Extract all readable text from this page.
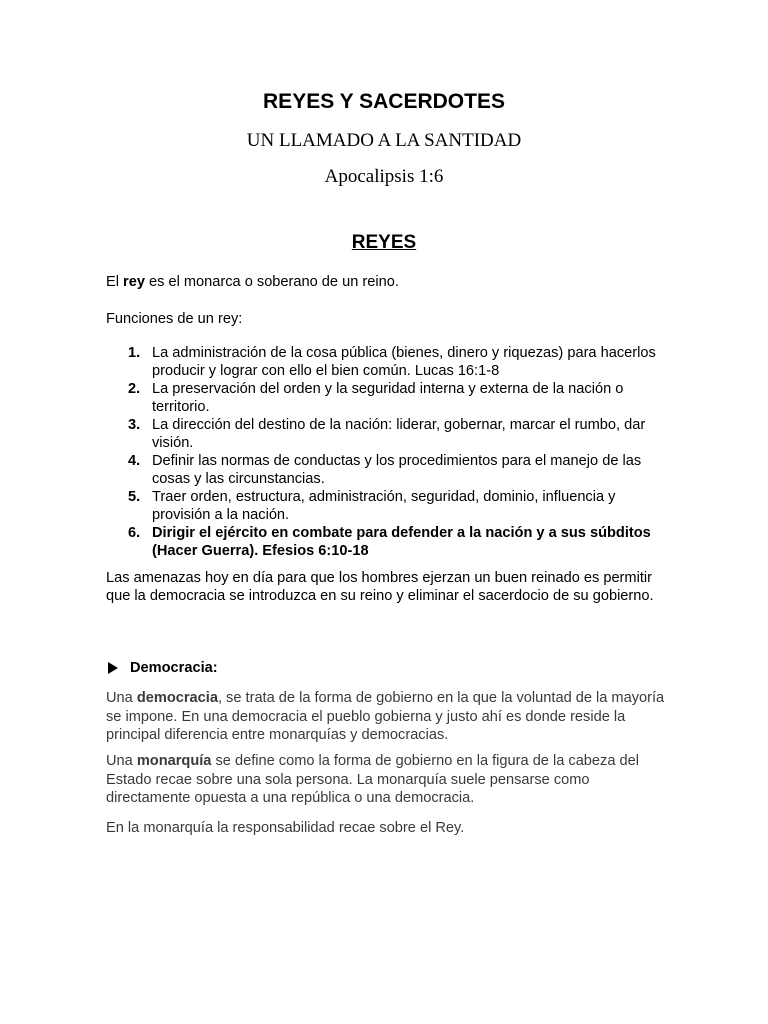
REYES Y SACERDOTES
UN LLAMADO A LA SANTIDAD
Apocalipsis 1:6
REYES

El rey es el monarca o soberano de un reino.

Funciones de un rey:

1. La administración de la cosa pública (bienes, dinero y riquezas) para hacerlos producir y lograr con ello el bien común. Lucas 16:1-8
2. La preservación del orden y la seguridad interna y externa de la nación o territorio.
3. La dirección del destino de la nación: liderar, gobernar, marcar el rumbo, dar visión.
4. Definir las normas de conductas y los procedimientos para el manejo de las cosas y las circunstancias.
5. Traer orden, estructura, administración, seguridad, dominio, influencia y provisión a la nación.
6. Dirigir el ejército en combate para defender a la nación y a sus súbditos (Hacer Guerra). Efesios 6:10-18

Las amenazas hoy en día para que los hombres ejerzan un buen reinado es permitir que la democracia se introduzca en su reino y eliminar el sacerdocio de su gobierno.

Democracia:

Una democracia, se trata de la forma de gobierno en la que la voluntad de la mayoría se impone. En una democracia el pueblo gobierna y justo ahí es donde reside la principal diferencia entre monarquías y democracias.

Una monarquía se define como la forma de gobierno en la figura de la cabeza del Estado recae sobre una sola persona. La monarquía suele pensarse como directamente opuesta a una república o una democracia.

En la monarquía la responsabilidad recae sobre el Rey.
